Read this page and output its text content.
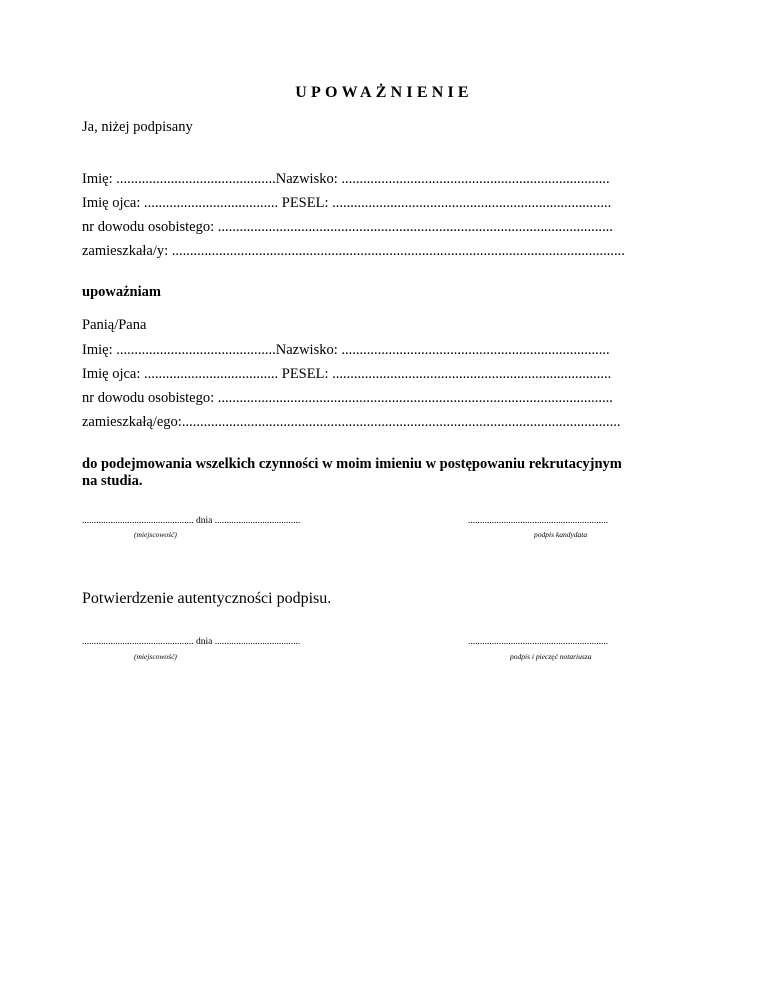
UPOWAŻNIENIE
Ja, niżej podpisany
Imię: ............................................Nazwisko: ..........................................................................
Imię ojca: ..................................... PESEL: .............................................................................
nr dowodu osobistego: .............................................................................................................
zamieszkała/y: .............................................................................................................................
upoważniam
Panią/Pana
Imię: ............................................Nazwisko: ..........................................................................
Imię ojca: ..................................... PESEL: .............................................................................
nr dowodu osobistego: .............................................................................................................
zamieszkałą/ego:.........................................................................................................................
do podejmowania wszelkich czynności w moim imieniu w postępowaniu rekrutacyjnym
na studia.
............................................... dnia ....................................
(miejscowość)
...........................................................
podpis kandydata
Potwierdzenie autentyczności podpisu.
............................................... dnia ....................................
(miejscowość)
...........................................................
podpis i pieczęć notariusza
